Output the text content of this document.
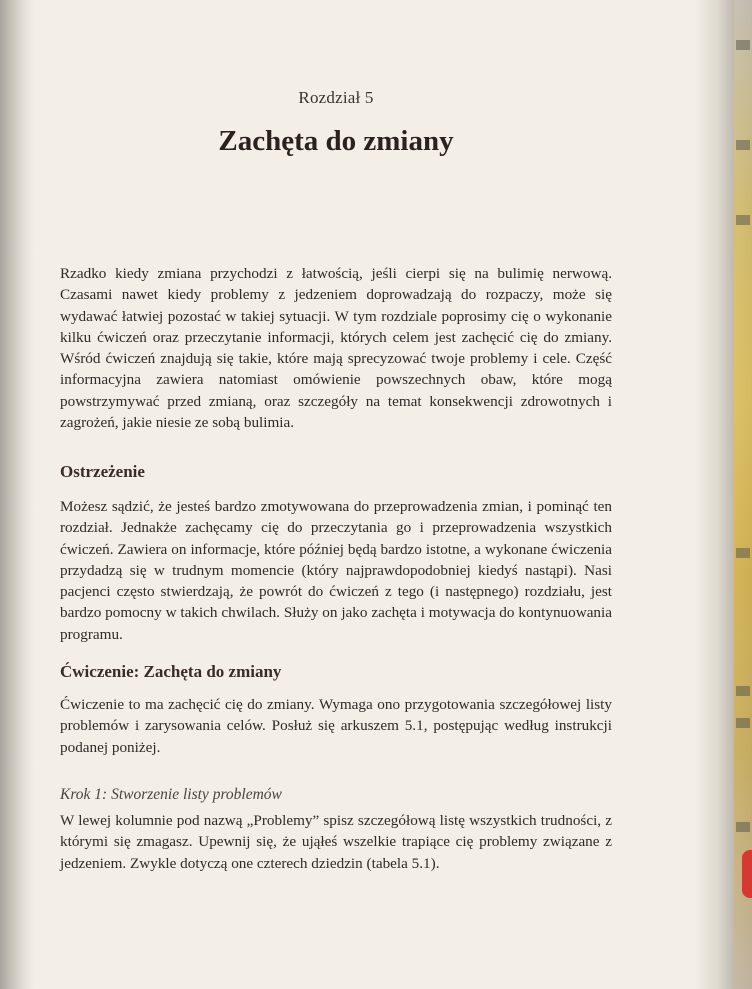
Rozdział 5
Zachęta do zmiany

Rzadko kiedy zmiana przychodzi z łatwością, jeśli cierpi się na bulimię nerwową. Czasami nawet kiedy problemy z jedzeniem doprowadzają do rozpaczy, może się wydawać łatwiej pozostać w takiej sytuacji. W tym rozdziale poprosimy cię o wykonanie kilku ćwiczeń oraz przeczytanie informacji, których celem jest zachęcić cię do zmiany. Wśród ćwiczeń znajdują się takie, które mają sprecyzować twoje problemy i cele. Część informacyjna zawiera natomiast omówienie powszechnych obaw, które mogą powstrzymywać przed zmianą, oraz szczegóły na temat konsekwencji zdrowotnych i zagrożeń, jakie niesie ze sobą bulimia.

Ostrzeżenie

Możesz sądzić, że jesteś bardzo zmotywowana do przeprowadzenia zmian, i pominąć ten rozdział. Jednakże zachęcamy cię do przeczytania go i przeprowadzenia wszystkich ćwiczeń. Zawiera on informacje, które później będą bardzo istotne, a wykonane ćwiczenia przydadzą się w trudnym momencie (który najprawdopodobniej kiedyś nastąpi). Nasi pacjenci często stwierdzają, że powrót do ćwiczeń z tego (i następnego) rozdziału, jest bardzo pomocny w takich chwilach. Służy on jako zachęta i motywacja do kontynuowania programu.

Ćwiczenie: Zachęta do zmiany

Ćwiczenie to ma zachęcić cię do zmiany. Wymaga ono przygotowania szczegółowej listy problemów i zarysowania celów. Posłuż się arkuszem 5.1, postępując według instrukcji podanej poniżej.

Krok 1: Stworzenie listy problemów

W lewej kolumnie pod nazwą „Problemy” spisz szczegółową listę wszystkich trudności, z którymi się zmagasz. Upewnij się, że ująłeś wszelkie trapiące cię problemy związane z jedzeniem. Zwykle dotyczą one czterech dziedzin (tabela 5.1).
